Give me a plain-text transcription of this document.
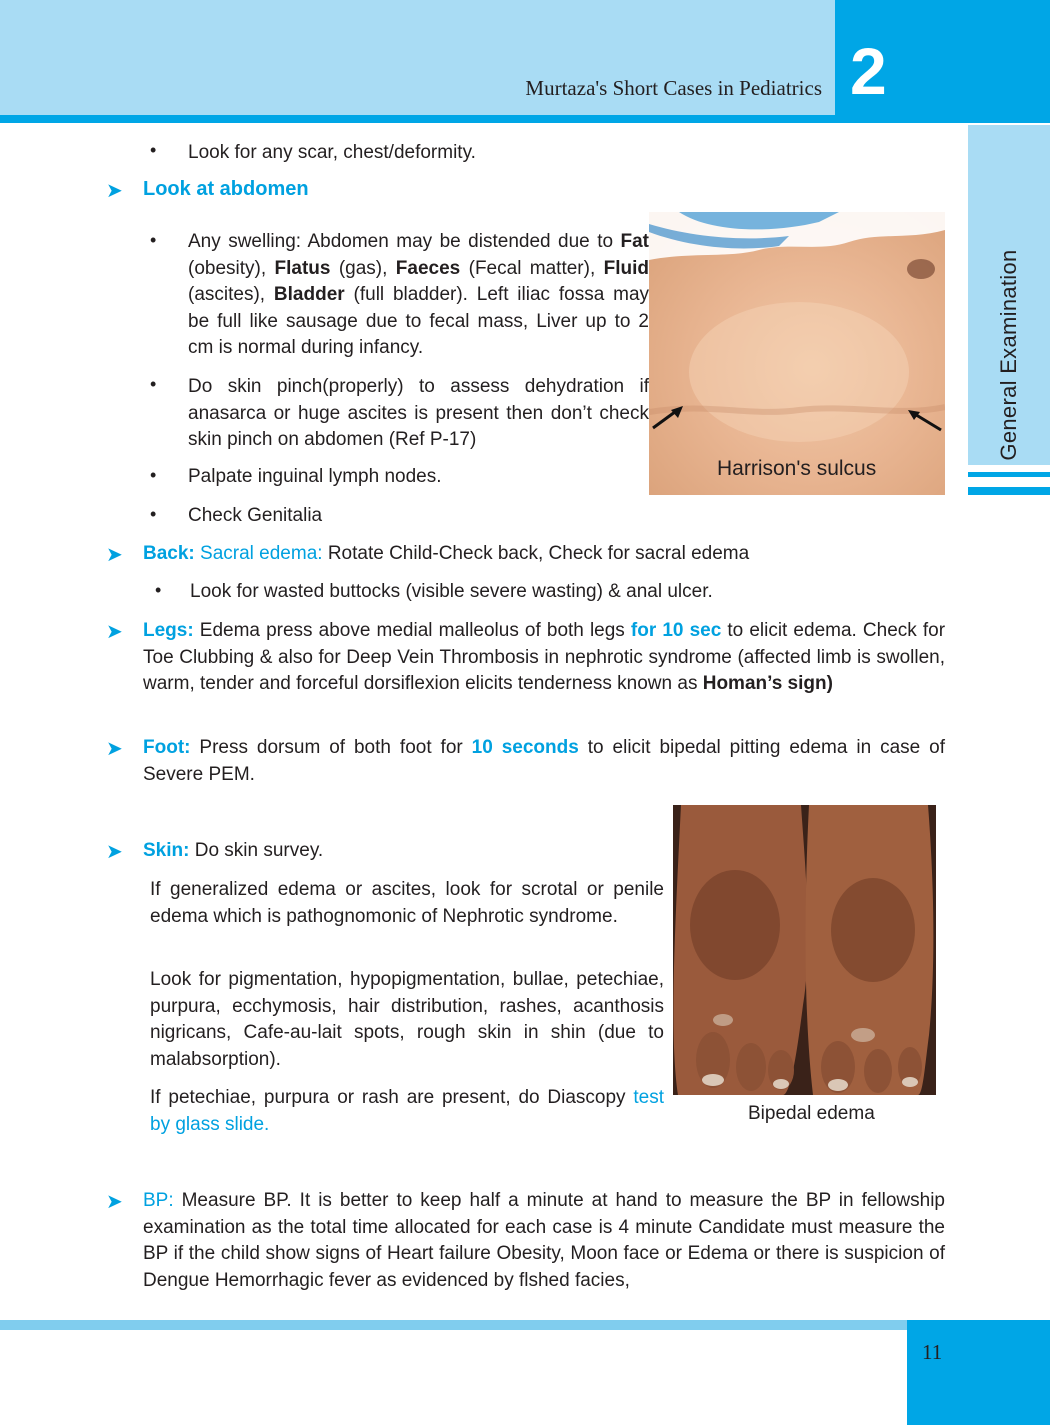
Murtaza's Short Cases in Pediatrics 2
General Examination
• Look for any scar, chest/deformity.
➤ Look at abdomen
• Any swelling: Abdomen may be distended due to Fat (obesity), Flatus (gas), Faeces (Fecal matter), Fluid (ascites), Bladder (full bladder). Left iliac fossa may be full like sausage due to fecal mass, Liver up to 2 cm is normal during infancy.
• Do skin pinch(properly) to assess dehydration if anasarca or huge ascites is present then don’t check skin pinch on abdomen (Ref P-17)
• Palpate inguinal lymph nodes.
• Check Genitalia
Harrison's sulcus
➤ Back: Sacral edema: Rotate Child-Check back, Check for sacral edema
• Look for wasted buttocks (visible severe wasting) & anal ulcer.
➤ Legs: Edema press above medial malleolus of both legs for 10 sec to elicit edema. Check for Toe Clubbing & also for Deep Vein Thrombosis in nephrotic syndrome (affected limb is swollen, warm, tender and forceful dorsiflexion elicits tenderness known as Homan’s sign)
➤ Foot: Press dorsum of both foot for 10 seconds to elicit bipedal pitting edema in case of Severe PEM.
➤ Skin: Do skin survey.
If generalized edema or ascites, look for scrotal or penile edema which is pathognomonic of Nephrotic syndrome.
Look for pigmentation, hypopigmentation, bullae, petechiae, purpura, ecchymosis, hair distribution, rashes, acanthosis nigricans, Cafe-au-lait spots, rough skin in shin (due to malabsorption).
If petechiae, purpura or rash are present, do Diascopy test by glass slide.	Bipedal edema
➤ BP: Measure BP. It is better to keep half a minute at hand to measure the BP in fellowship examination as the total time allocated for each case is 4 minute Candidate must measure the BP if the child show signs of Heart failure Obesity, Moon face or Edema or there is suspicion of Dengue Hemorrhagic fever as evidenced by flshed facies,
11
